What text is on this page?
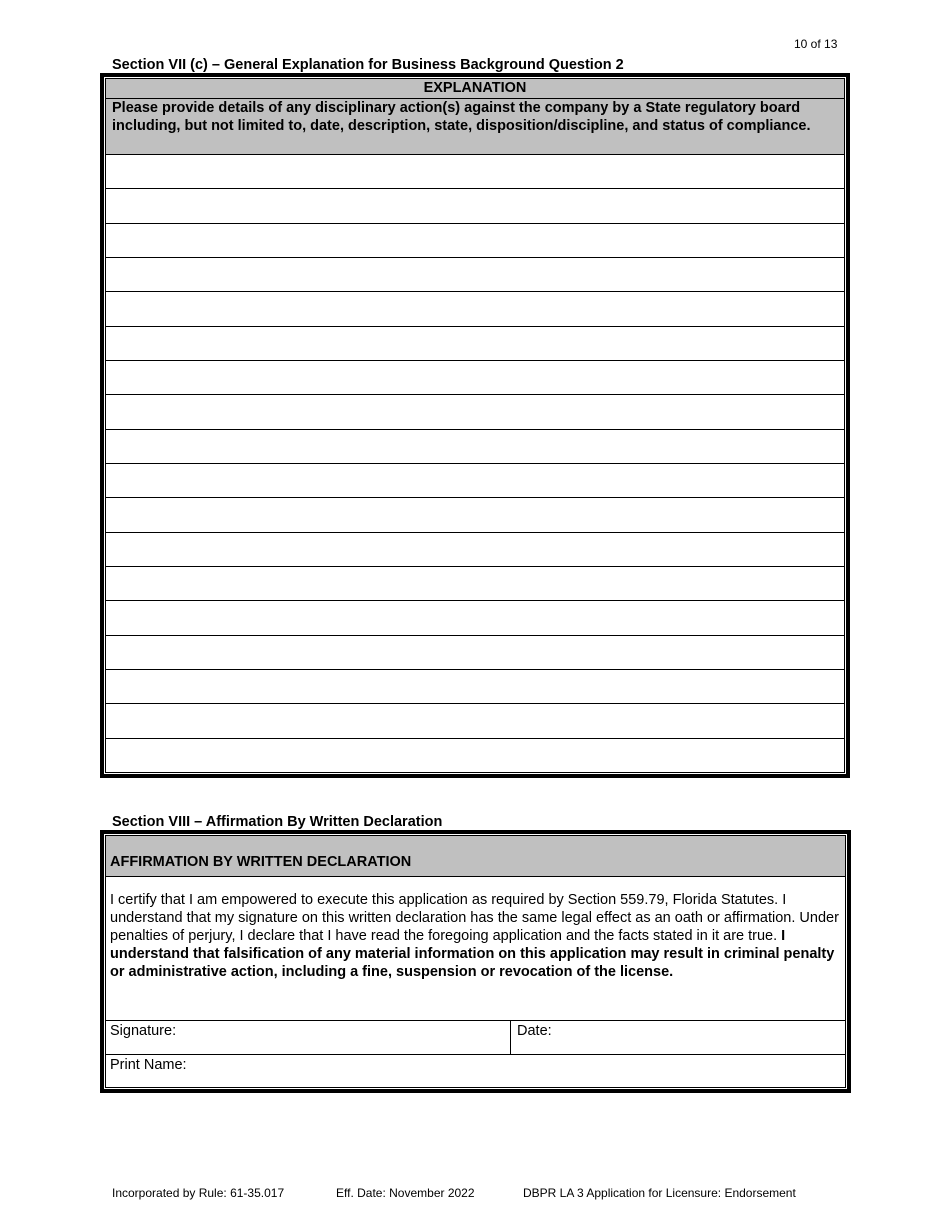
10 of 13
Section VII (c) – General Explanation for Business Background Question 2
EXPLANATION
Please provide details of any disciplinary action(s) against the company by a State regulatory board including, but not limited to, date, description, state, disposition/discipline, and status of compliance.
Section VIII – Affirmation By Written Declaration
AFFIRMATION BY WRITTEN DECLARATION
I certify that I am empowered to execute this application as required by Section 559.79, Florida Statutes. I understand that my signature on this written declaration has the same legal effect as an oath or affirmation. Under penalties of perjury, I declare that I have read the foregoing application and the facts stated in it are true. I understand that falsification of any material information on this application may result in criminal penalty or administrative action, including a fine, suspension or revocation of the license.
Signature:	Date:
Print Name:
Incorporated by Rule: 61-35.017	Eff. Date: November 2022	DBPR LA 3 Application for Licensure: Endorsement
